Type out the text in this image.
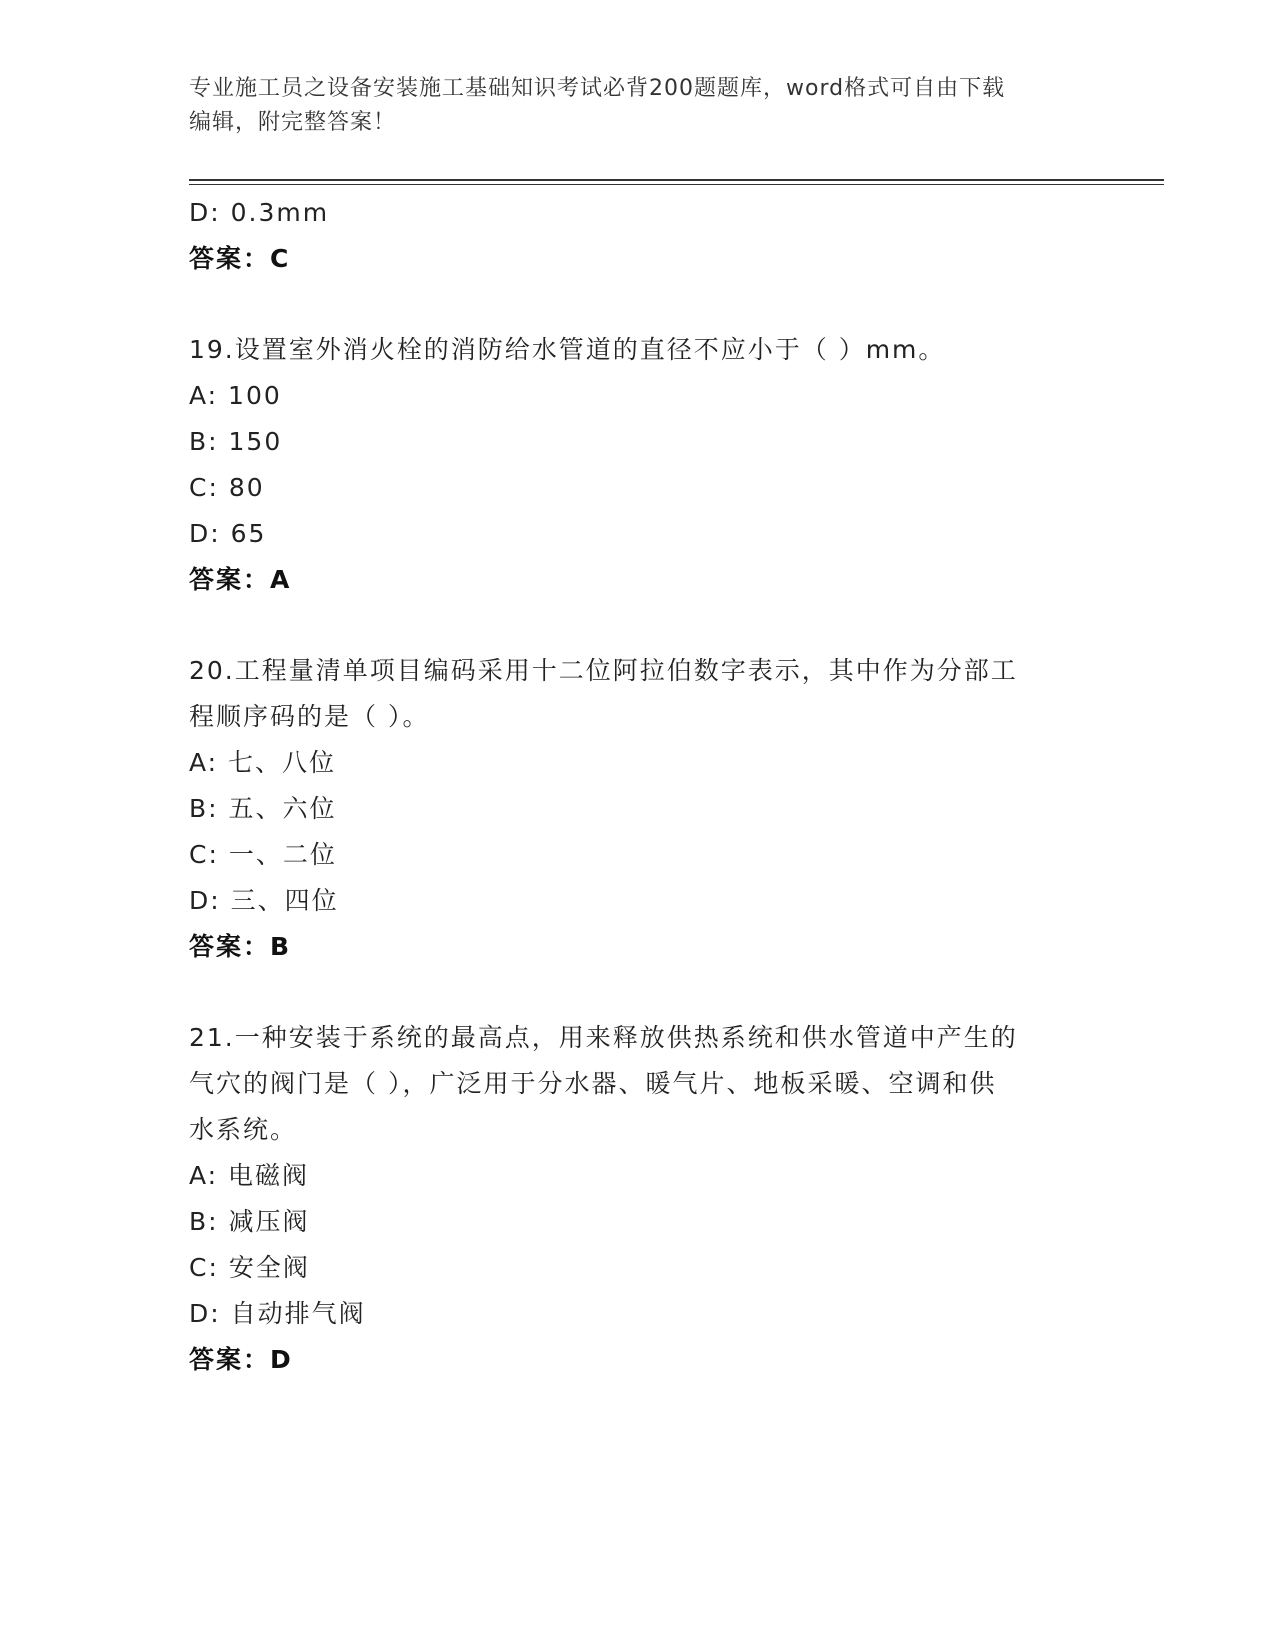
专业施工员之设备安装施工基础知识考试必背200题题库，word格式可自由下载
编辑，附完整答案！
D: 0.3mm
答案：C
19.设置室外消火栓的消防给水管道的直径不应小于（ ）mm。
A: 100
B: 150
C: 80
D: 65
答案：A
20.工程量清单项目编码采用十二位阿拉伯数字表示，其中作为分部工
程顺序码的是（ ）。
A: 七、八位
B: 五、六位
C: 一、二位
D: 三、四位
答案：B
21.一种安装于系统的最高点，用来释放供热系统和供水管道中产生的
气穴的阀门是（ ），广泛用于分水器、暖气片、地板采暖、空调和供
水系统。
A: 电磁阀
B: 减压阀
C: 安全阀
D: 自动排气阀
答案：D
